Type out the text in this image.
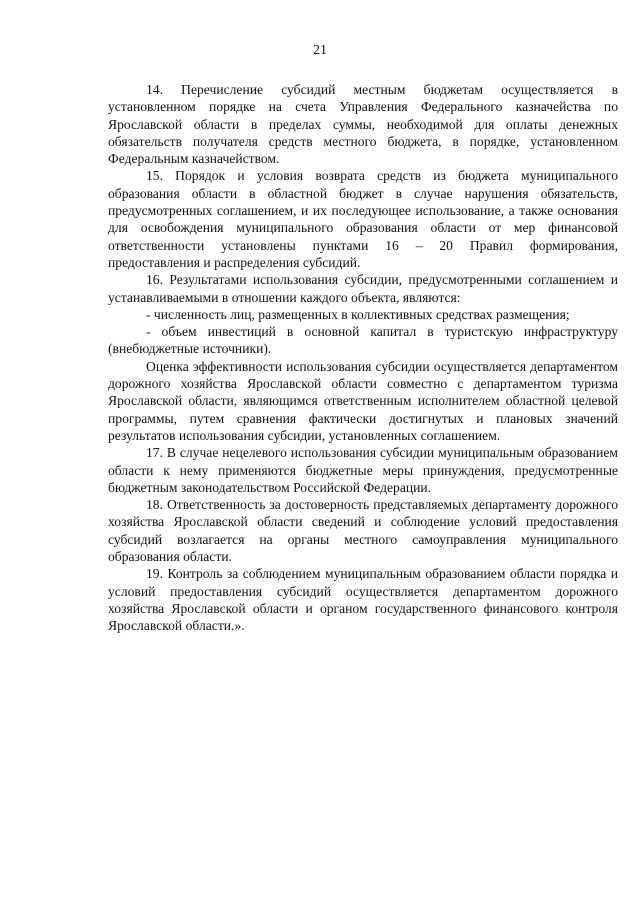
21

14. Перечисление субсидий местным бюджетам осуществляется в установленном порядке на счета Управления Федерального казначейства по Ярославской области в пределах суммы, необходимой для оплаты денежных обязательств получателя средств местного бюджета, в порядке, установленном Федеральным казначейством.

15. Порядок и условия возврата средств из бюджета муниципального образования области в областной бюджет в случае нарушения обязательств, предусмотренных соглашением, и их последующее использование, а также основания для освобождения муниципального образования области от мер финансовой ответственности установлены пунктами 16 – 20 Правил формирования, предоставления и распределения субсидий.

16. Результатами использования субсидии, предусмотренными соглашением и устанавливаемыми в отношении каждого объекта, являются:

- численность лиц, размещенных в коллективных средствах размещения;

- объем инвестиций в основной капитал в туристскую инфраструктуру (внебюджетные источники).

Оценка эффективности использования субсидии осуществляется департаментом дорожного хозяйства Ярославской области совместно с департаментом туризма Ярославской области, являющимся ответственным исполнителем областной целевой программы, путем сравнения фактически достигнутых и плановых значений результатов использования субсидии, установленных соглашением.

17. В случае нецелевого использования субсидии муниципальным образованием области к нему применяются бюджетные меры принуждения, предусмотренные бюджетным законодательством Российской Федерации.

18. Ответственность за достоверность представляемых департаменту дорожного хозяйства Ярославской области сведений и соблюдение условий предоставления субсидий возлагается на органы местного самоуправления муниципального образования области.

19. Контроль за соблюдением муниципальным образованием области порядка и условий предоставления субсидий осуществляется департаментом дорожного хозяйства Ярославской области и органом государственного финансового контроля Ярославской области.».
